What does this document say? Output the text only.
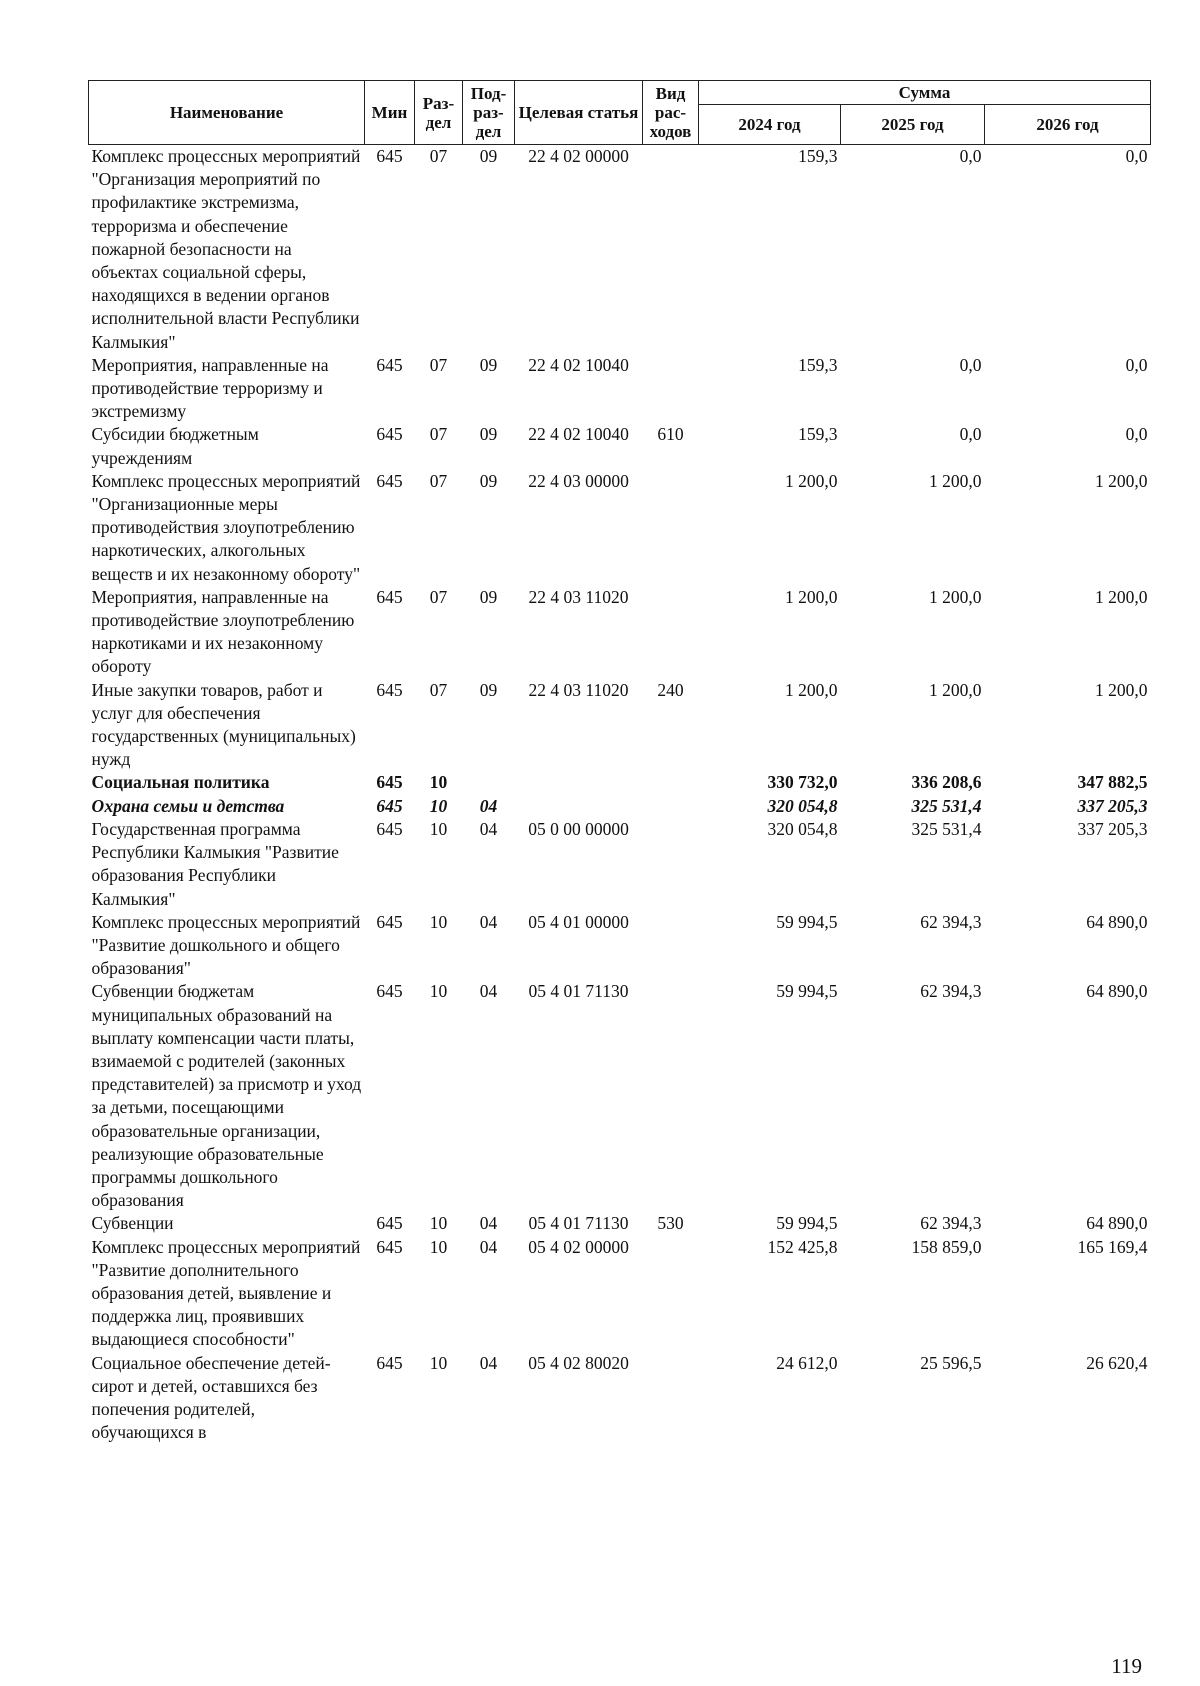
Наименование	Мин	Раз-дел	Под-раз-дел	Целевая статья	Вид рас-ходов	Сумма		
						2024 год	2025 год	2026 год
Комплекс процессных мероприятий "Организация мероприятий по профилактике экстремизма, терроризма и обеспечение пожарной безопасности на объектах социальной сферы, находящихся в ведении органов исполнительной власти Республики Калмыкия"	645	07	09	22 4 02 00000		159,3	0,0	0,0
Мероприятия, направленные на противодействие терроризму и экстремизму	645	07	09	22 4 02 10040		159,3	0,0	0,0
Субсидии бюджетным учреждениям	645	07	09	22 4 02 10040	610	159,3	0,0	0,0
Комплекс процессных мероприятий "Организационные меры противодействия злоупотреблению наркотических, алкогольных веществ и их незаконному обороту"	645	07	09	22 4 03 00000		1 200,0	1 200,0	1 200,0
Мероприятия, направленные на противодействие злоупотреблению наркотиками и их незаконному обороту	645	07	09	22 4 03 11020		1 200,0	1 200,0	1 200,0
Иные закупки товаров, работ и услуг для обеспечения государственных (муниципальных) нужд	645	07	09	22 4 03 11020	240	1 200,0	1 200,0	1 200,0
Социальная политика	645	10				330 732,0	336 208,6	347 882,5
Охрана семьи и детства	645	10	04			320 054,8	325 531,4	337 205,3
Государственная программа Республики Калмыкия "Развитие образования Республики Калмыкия"	645	10	04	05 0 00 00000		320 054,8	325 531,4	337 205,3
Комплекс процессных мероприятий "Развитие дошкольного и общего образования"	645	10	04	05 4 01 00000		59 994,5	62 394,3	64 890,0
Субвенции бюджетам муниципальных образований на выплату компенсации части платы, взимаемой с родителей (законных представителей) за присмотр и уход за детьми, посещающими образовательные организации, реализующие образовательные программы дошкольного образования	645	10	04	05 4 01 71130		59 994,5	62 394,3	64 890,0
Субвенции	645	10	04	05 4 01 71130	530	59 994,5	62 394,3	64 890,0
Комплекс процессных мероприятий "Развитие дополнительного образования детей, выявление и поддержка лиц, проявивших выдающиеся способности"	645	10	04	05 4 02 00000		152 425,8	158 859,0	165 169,4
Социальное обеспечение детей-сирот и детей, оставшихся без попечения родителей, обучающихся в	645	10	04	05 4 02 80020		24 612,0	25 596,5	26 620,4
119
